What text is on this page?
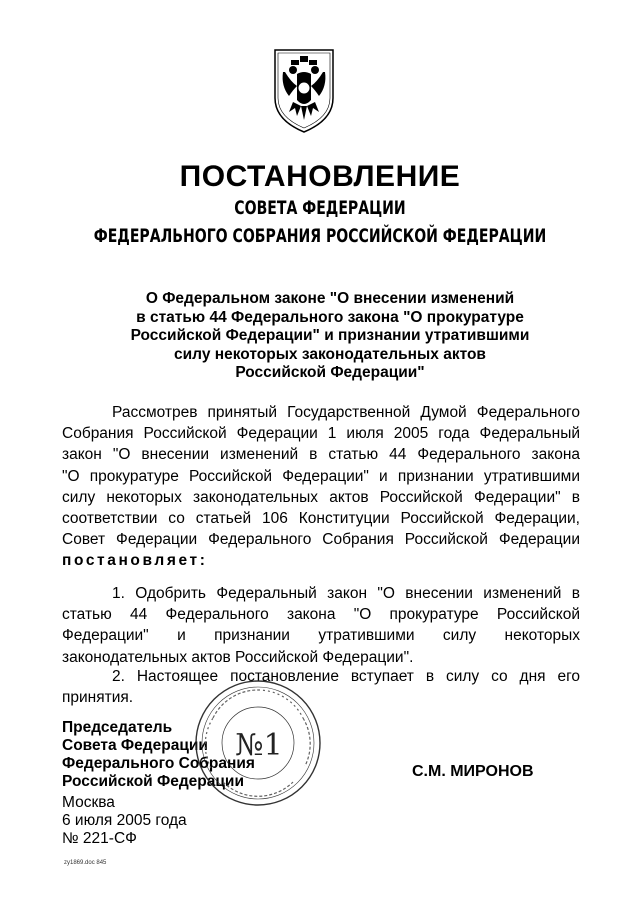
ПОСТАНОВЛЕНИЕ
СОВЕТА ФЕДЕРАЦИИ
ФЕДЕРАЛЬНОГО СОБРАНИЯ РОССИЙСКОЙ ФЕДЕРАЦИИ
О Федеральном законе "О внесении изменений
в статью 44 Федерального закона "О прокуратуре
Российской Федерации" и признании утратившими
силу некоторых законодательных актов
Российской Федерации"
Рассмотрев принятый Государственной Думой Федерального
Собрания Российской Федерации 1 июля 2005 года Федеральный
закон "О внесении изменений в статью 44 Федерального закона
"О прокуратуре Российской Федерации" и признании утратившими
силу некоторых законодательных актов Российской Федерации" в
соответствии со статьей 106 Конституции Российской Федерации,
Совет Федерации Федерального Собрания Российской Федерации
постановляет:
1. Одобрить Федеральный закон "О внесении изменений в
статью 44 Федерального закона "О прокуратуре Российской
Федерации" и признании утратившими силу некоторых
законодательных актов Российской Федерации".
2. Настоящее постановление вступает в силу со дня его
принятия.
Председатель
Совета Федерации
Федерального Собрания
Российской Федерации
№1
С.М. МИРОНОВ
Москва
6 июля 2005 года
№ 221-СФ
zy1869.doc 845
